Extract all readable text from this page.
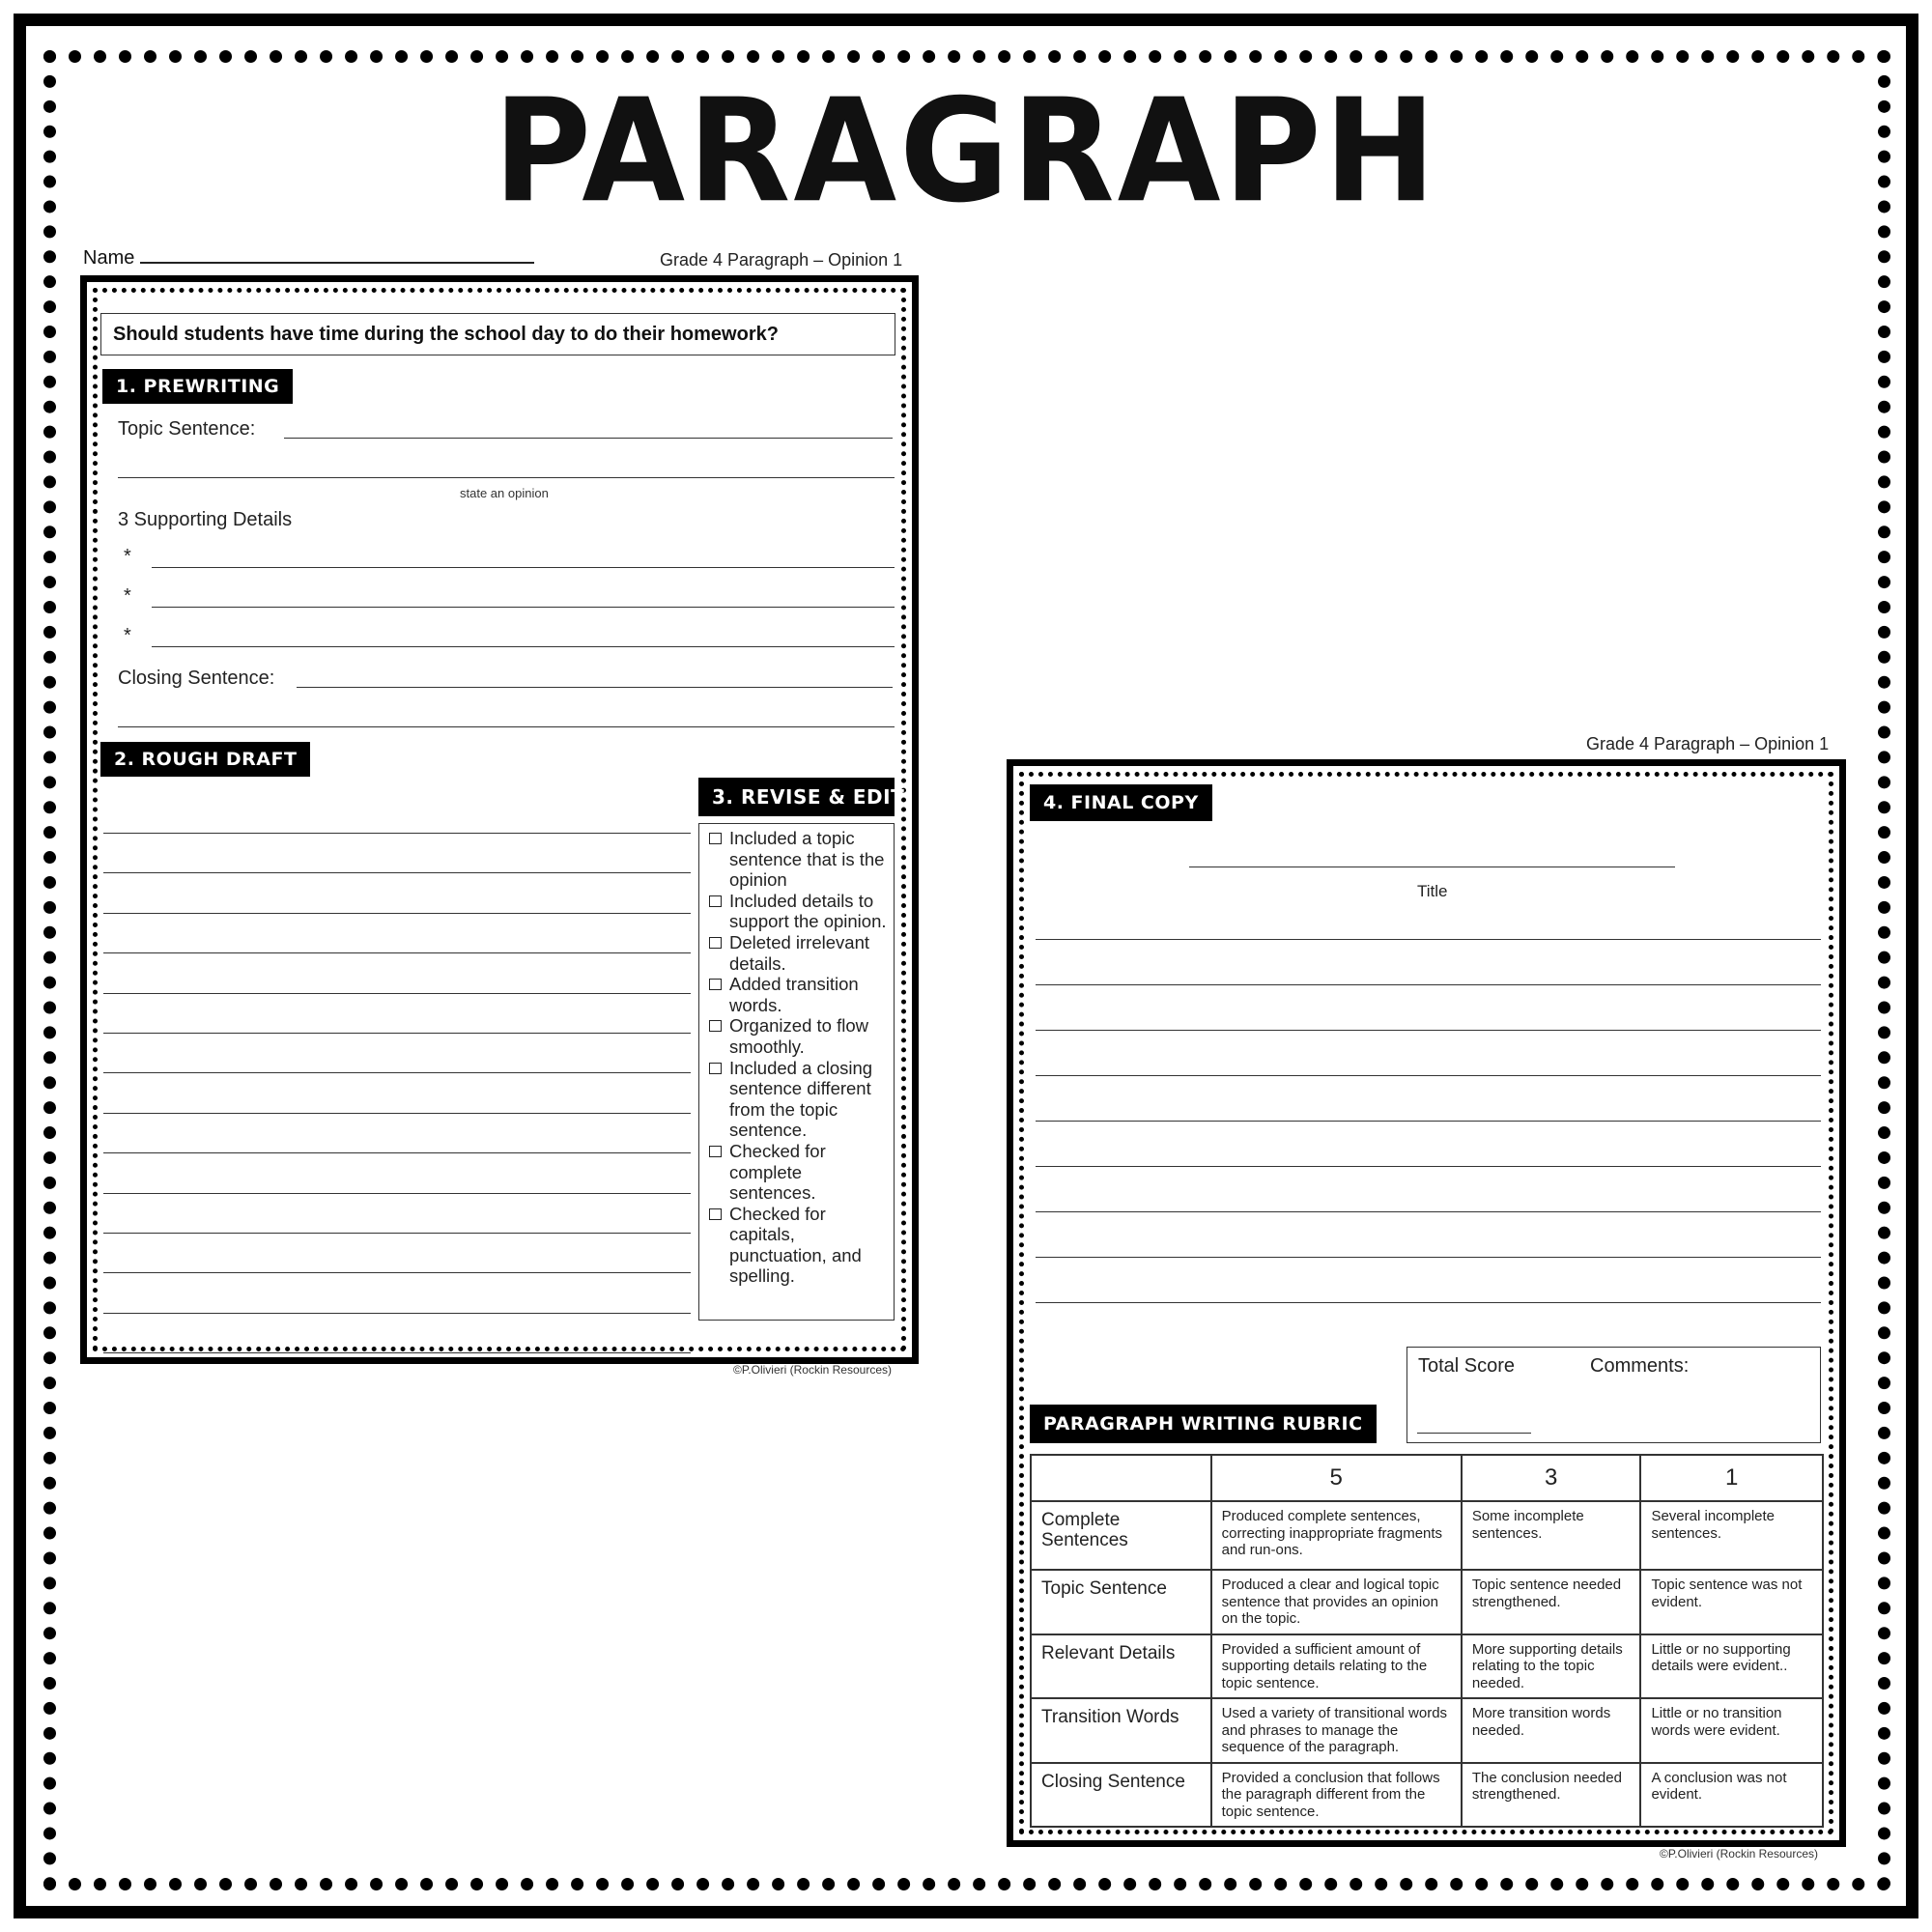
PARAGRAPH
Name	Grade 4 Paragraph – Opinion 1
Should students have time during the school day to do their homework?
1. PREWRITING
Topic Sentence:
state an opinion
3 Supporting Details
*
*
*
Closing Sentence:
2. ROUGH DRAFT
3. REVISE & EDIT
Included a topic sentence that is the opinion
Included details to support the opinion.
Deleted irrelevant details.
Added transition words.
Organized to flow smoothly.
Included a closing sentence different from the topic sentence.
Checked for complete sentences.
Checked for capitals, punctuation, and spelling.
©P.Olivieri (Rockin Resources)
Grade 4 Paragraph – Opinion 1
4. FINAL COPY
Title
Total Score	Comments:
PARAGRAPH WRITING RUBRIC
	5	3	1
Complete Sentences	Produced complete sentences, correcting inappropriate fragments and run-ons.	Some incomplete sentences.	Several incomplete sentences.
Topic Sentence	Produced a clear and logical topic sentence that provides an opinion on the topic.	Topic sentence needed strengthened.	Topic sentence was not evident.
Relevant Details	Provided a sufficient amount of supporting details relating to the topic sentence.	More supporting details relating to the topic needed.	Little or no supporting details were evident..
Transition Words	Used a variety of transitional words and phrases to manage the sequence of the paragraph.	More transition words needed.	Little or no transition words were evident.
Closing Sentence	Provided a conclusion that follows the paragraph different from the topic sentence.	The conclusion needed strengthened.	A conclusion was not evident.
©P.Olivieri (Rockin Resources)
